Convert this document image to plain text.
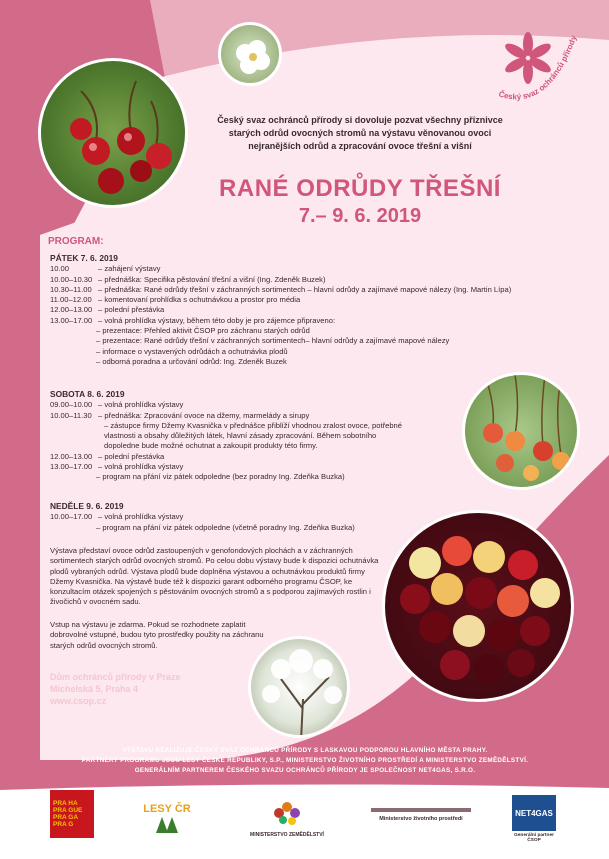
Český svaz ochránců přírody
Český svaz ochránců přírody si dovoluje pozvat všechny příznivce starých odrůd ovocných stromů na výstavu věnovanou ovoci nejranějších odrůd a zpracování ovoce třešní a višní
RANÉ ODRŮDY TŘEŠNÍ
7.– 9. 6. 2019
PROGRAM:
PÁTEK 7. 6. 2019
10.00	– zahájení výstavy
10.00–10.30 – přednáška: Specifika pěstování třešní a višní (Ing. Zdeněk Buzek)
10.30–11.00 – přednáška: Rané odrůdy třešní v záchranných sortimentech – hlavní odrůdy a zajímavé mapové nálezy (Ing. Martin Lípa)
11.00–12.00 – komentovaní prohlídka s ochutnávkou a prostor pro média
12.00–13.00 – polední přestávka
13.00–17.00 – volná prohlídka výstavy, během této doby je pro zájemce připraveno:
– prezentace: Přehled aktivit ČSOP pro záchranu starých odrůd
– prezentace: Rané odrůdy třešní v záchranných sortimentech– hlavní odrůdy a zajímavé mapové nálezy
– informace o vystavených odrůdách a ochutnávka plodů
– odborná poradna a určování odrůd: Ing. Zdeněk Buzek
SOBOTA 8. 6. 2019
09.00–10.00 – volná prohlídka výstavy
10.00–11.30 – přednáška: Zpracování ovoce na džemy, marmelády a sirupy
– zástupce firmy Džemy Kvasnička v přednášce přiblíží vhodnou zralost ovoce, potřebné vlastnosti a obsahy důležitých látek, hlavní zásady zpracování. Během sobotního dopoledne bude možné ochutnat a zakoupit produkty této firmy.
12.00–13.00 – polední přestávka
13.00–17.00 – volná prohlídka výstavy
– program na přání viz pátek odpoledne (bez poradny Ing. Zdeňka Buzka)
NEDĚLE 9. 6. 2019
10.00–17.00 – volná prohlídka výstavy
– program na přání viz pátek odpoledne (včetně poradny Ing. Zdeňka Buzka)
Výstava představí ovoce odrůd zastoupených v genofondových plochách a v záchranných sortimentech starých odrůd ovocných stromů. Po celou dobu výstavy bude k dispozici ochutnávka plodů vybraných odrůd. Výstava plodů bude doplněna výstavou a ochutnávkou produktů firmy Džemy Kvasnička. Na výstavě bude též k dispozici garant odborného programu ČSOP, ke konzultacím otázek spojených s pěstováním ovocných stromů a s podporou zajímavých rostlin i živočichů v ovocném sadu.
Vstup na výstavu je zdarma. Pokud se rozhodnete zaplatit dobrovolné vstupné, budou tyto prostředky použity na záchranu starých odrůd ovocných stromů.
Dům ochránců přírody v Praze
Michelská 5, Praha 4
www.csop.cz
VÝSTAVU REALIZUJE ČESKÝ SVAZ OCHRÁNCŮ PŘÍRODY S LASKAVOU PODPOROU HLAVNÍHO MĚSTA PRAHY.
PARTNERY PROGRAMU JSOU LESY ČESKÉ REPUBLIKY, S.P., MINISTERSTVO ŽIVOTNÍHO PROSTŘEDÍ A MINISTERSTVO ZEMĚDĚLSTVÍ.
GENERÁLNÍM PARTNEREM ČESKÉHO SVAZU OCHRÁNCŮ PŘÍRODY JE SPOLEČNOST NET4GAS, S.R.O.
PRA HA
PRA GUE
PRA GA
PRA G
LESY ČR
MINISTERSTVO ZEMĚDĚLSTVÍ
Ministerstvo životního prostředí
NET4GAS
Generální partner ČSOP
